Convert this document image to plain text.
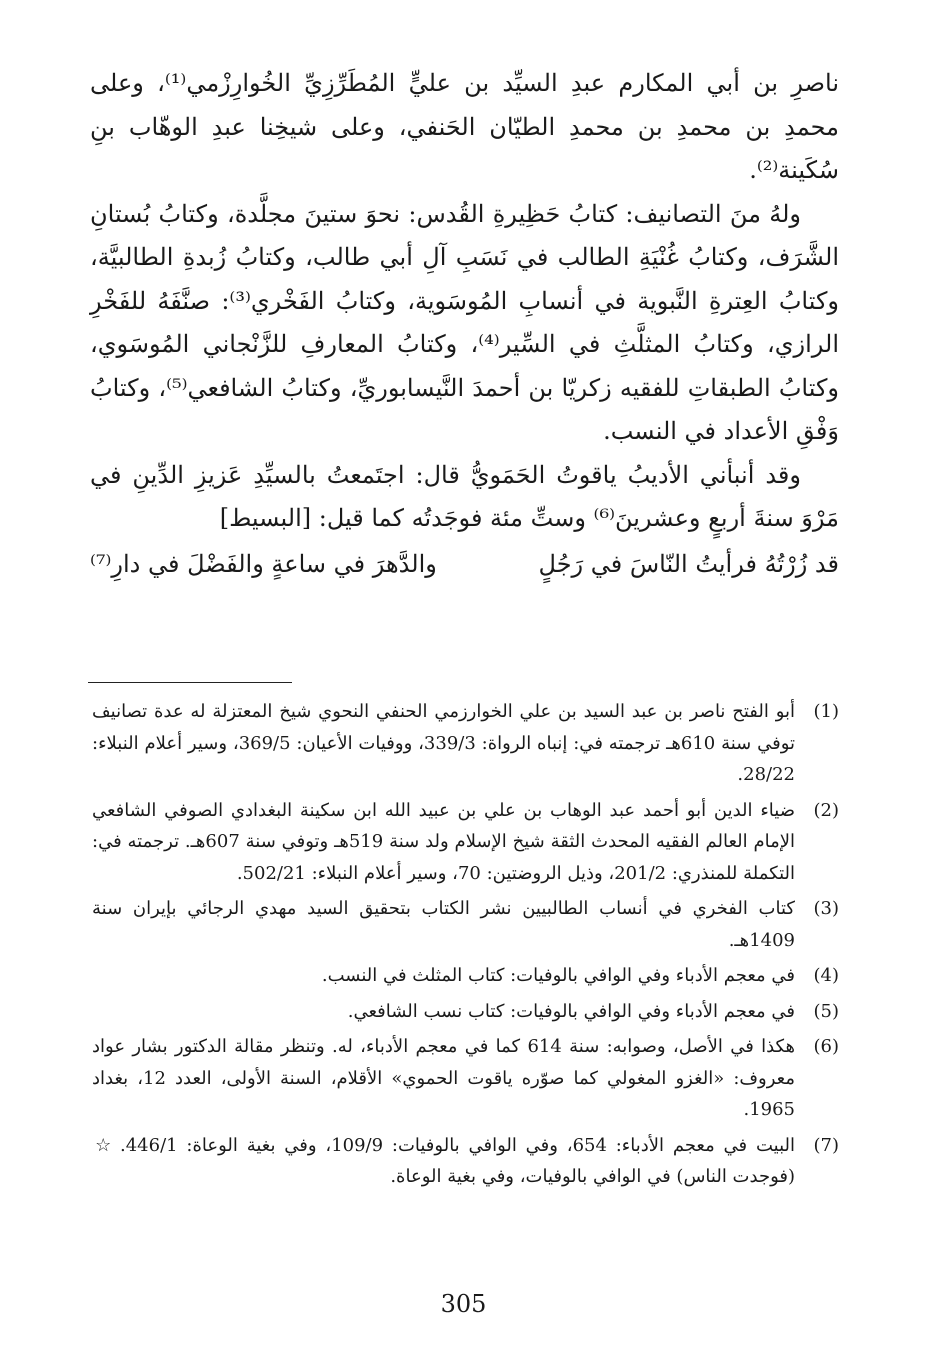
ناصرِ بن أبي المكارم عبدِ السيِّد بن عليٍّ المُطَرِّزِيِّ الخُوارِزْمي⁽¹⁾، وعلى محمدِ بن محمدِ بن محمدِ الطيّان الحَنفي، وعلى شيخِنا عبدِ الوهّاب بنِ سُكَينة⁽²⁾.

ولهُ منَ التصانيف: كتابُ حَظِيرةِ القُدس: نحوَ ستينَ مجلَّدة، وكتابُ بُستانِ الشَّرَف، وكتابُ غُنْيَةِ الطالب في نَسَبِ آلِ أبي طالب، وكتابُ زُبدةِ الطالبيَّة، وكتابُ العِترةِ النَّبوية في أنسابِ المُوسَوية، وكتابُ الفَخْري⁽³⁾: صنَّفَهُ للفَخْرِ الرازي، وكتابُ المثلَّثِ في السِّير⁽⁴⁾، وكتابُ المعارفِ للزَّنْجاني المُوسَوي، وكتابُ الطبقاتِ للفقيه زكريّا بن أحمدَ النَّيسابوريِّ، وكتابُ الشافعي⁽⁵⁾، وكتابُ وَفْقِ الأعداد في النسب.

وقد أنبأني الأديبُ ياقوتُ الحَمَويُّ قال: اجتَمعتُ بالسيِّدِ عَزيزِ الدِّينِ في مَرْوَ سنةَ أربعٍ وعشرينَ⁽⁶⁾ وستِّ مئة فوجَدتُه كما قيل: [البسيط]

قد زُرْتُهُ فرأيتُ النّاسَ في رَجُلٍ
والدَّهرَ في ساعةٍ والفَضْلَ في دارِ⁽⁷⁾
(1)
أبو الفتح ناصر بن عبد السيد بن علي الخوارزمي الحنفي النحوي شيخ المعتزلة له عدة تصانيف توفي سنة 610هـ ترجمته في: إنباه الرواة: 339/3، ووفيات الأعيان: 369/5، وسير أعلام النبلاء: 28/22.
(2)
ضياء الدين أبو أحمد عبد الوهاب بن علي بن عبيد الله ابن سكينة البغدادي الصوفي الشافعي الإمام العالم الفقيه المحدث الثقة شيخ الإسلام ولد سنة 519هـ وتوفي سنة 607هـ. ترجمته في: التكملة للمنذري: 201/2، وذيل الروضتين: 70، وسير أعلام النبلاء: 502/21.
(3)
كتاب الفخري في أنساب الطالبيين نشر الكتاب بتحقيق السيد مهدي الرجائي بإيران سنة 1409هـ.
(4)
في معجم الأدباء وفي الوافي بالوفيات: كتاب المثلث في النسب.
(5)
في معجم الأدباء وفي الوافي بالوفيات: كتاب نسب الشافعي.
(6)
هكذا في الأصل، وصوابه: سنة 614 كما في معجم الأدباء، له. وتنظر مقالة الدكتور بشار عواد معروف: «الغزو المغولي كما صوّره ياقوت الحموي» الأقلام، السنة الأولى، العدد 12، بغداد 1965.
(7)
البيت في معجم الأدباء: 654، وفي الوافي بالوفيات: 109/9، وفي بغية الوعاة: 446/1. ☆ (فوجدت الناس) في الوافي بالوفيات، وفي بغية الوعاة.
305
